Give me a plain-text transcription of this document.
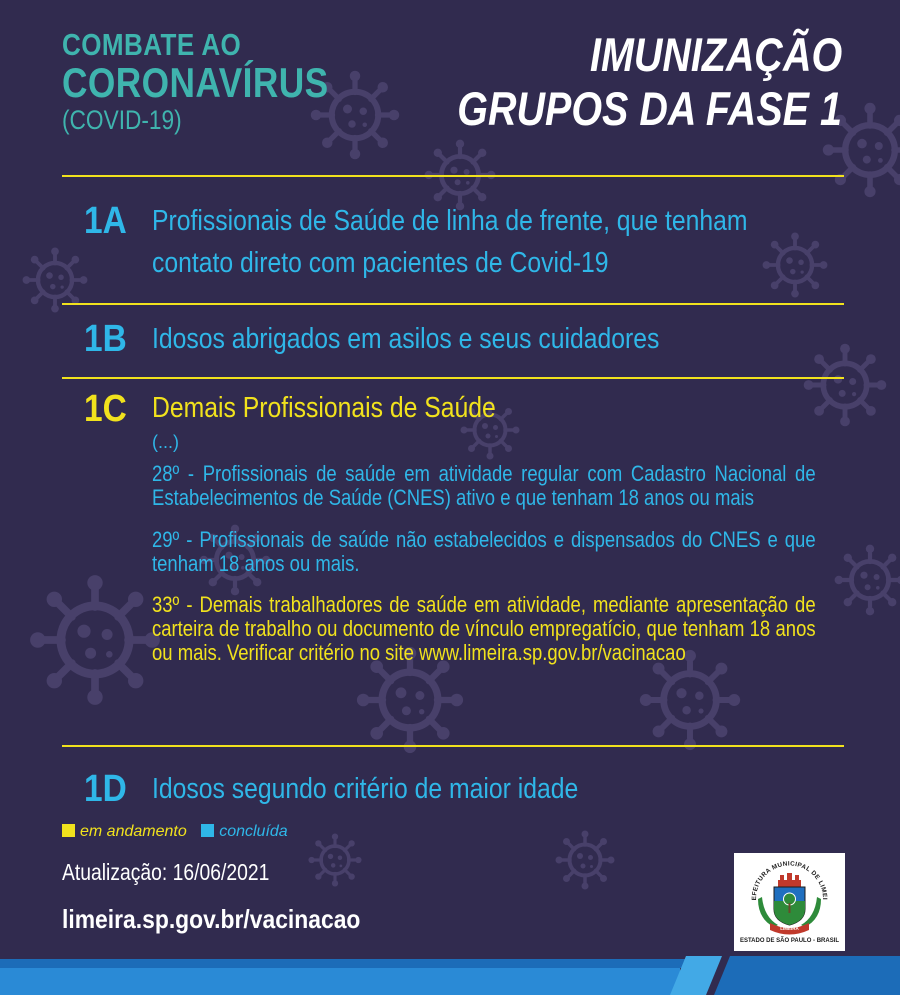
COMBATE AO
CORONAVÍRUS
(COVID-19)
IMUNIZAÇÃO
GRUPOS DA FASE 1
1A Profissionais de Saúde de linha de frente, que tenham
contato direto com pacientes de Covid-19
1B Idosos abrigados em asilos e seus cuidadores
1C Demais Profissionais de Saúde
(...)
28º - Profissionais de saúde em atividade regular com Cadastro Nacional de Estabelecimentos de Saúde (CNES) ativo e que tenham 18 anos ou mais
29º - Profissionais de saúde não estabelecidos e dispensados do CNES e que tenham 18 anos ou mais.
33º - Demais trabalhadores de saúde em atividade, mediante apresentação de carteira de trabalho ou documento de vínculo empregatício, que tenham 18 anos ou mais. Verificar critério no site www.limeira.sp.gov.br/vacinacao
1D Idosos segundo critério de maior idade
em andamento concluída
Atualização: 16/06/2021
limeira.sp.gov.br/vacinacao
EFEITURA MUNICIPAL DE LIMEI
LIMEIRA
ESTADO DE SÃO PAULO - BRASIL
